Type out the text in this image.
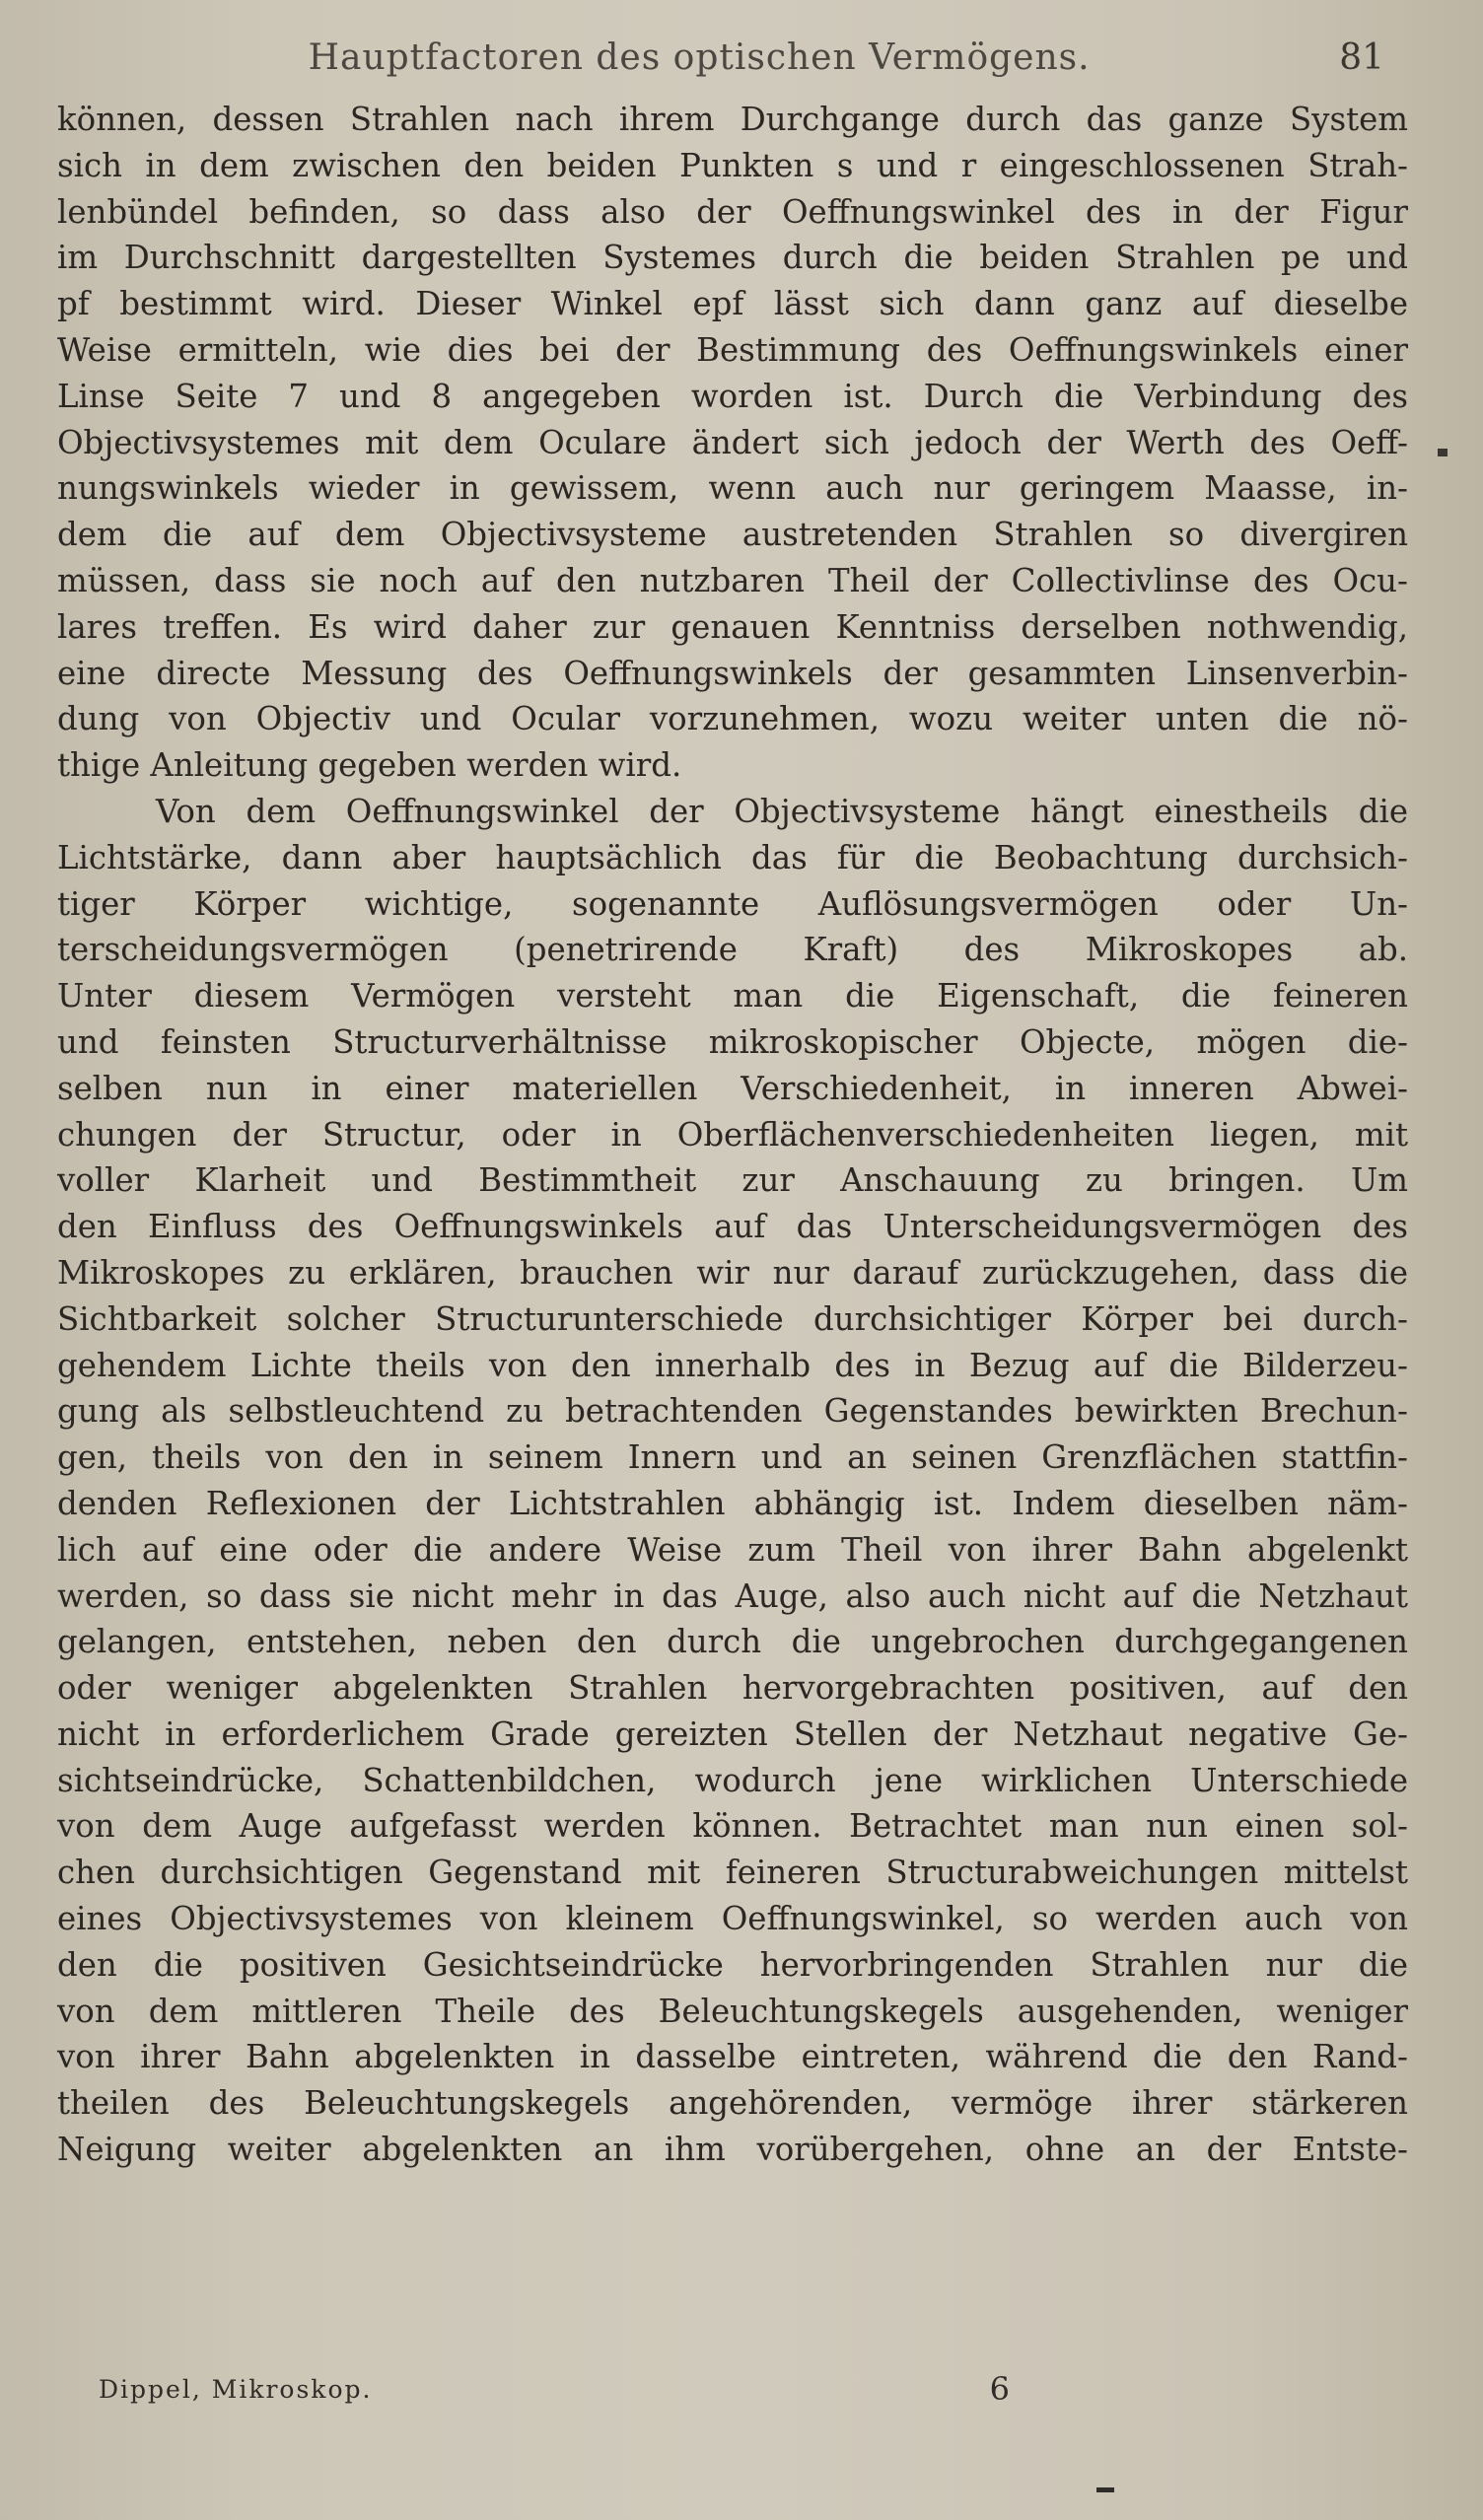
Hauptfactoren des optischen Vermögens.	81

können, dessen Strahlen nach ihrem Durchgange durch das ganze System
sich in dem zwischen den beiden Punkten s und r eingeschlossenen Strah-
lenbündel befinden, so dass also der Oeffnungswinkel des in der Figur
im Durchschnitt dargestellten Systemes durch die beiden Strahlen pe und
pf bestimmt wird. Dieser Winkel epf lässt sich dann ganz auf dieselbe
Weise ermitteln, wie dies bei der Bestimmung des Oeffnungswinkels einer
Linse Seite 7 und 8 angegeben worden ist. Durch die Verbindung des
Objectivsystemes mit dem Oculare ändert sich jedoch der Werth des Oeff-
nungswinkels wieder in gewissem, wenn auch nur geringem Maasse, in-
dem die auf dem Objectivsysteme austretenden Strahlen so divergiren
müssen, dass sie noch auf den nutzbaren Theil der Collectivlinse des Ocu-
lares treffen. Es wird daher zur genauen Kenntniss derselben nothwendig,
eine directe Messung des Oeffnungswinkels der gesammten Linsenverbin-
dung von Objectiv und Ocular vorzunehmen, wozu weiter unten die nö-
thige Anleitung gegeben werden wird.

Von dem Oeffnungswinkel der Objectivsysteme hängt einestheils die
Lichtstärke, dann aber hauptsächlich das für die Beobachtung durchsich-
tiger Körper wichtige, sogenannte Auflösungsvermögen oder Un-
terscheidungsvermögen (penetrirende Kraft) des Mikroskopes ab.
Unter diesem Vermögen versteht man die Eigenschaft, die feineren
und feinsten Structurverhältnisse mikroskopischer Objecte, mögen die-
selben nun in einer materiellen Verschiedenheit, in inneren Abwei-
chungen der Structur, oder in Oberflächenverschiedenheiten liegen, mit
voller Klarheit und Bestimmtheit zur Anschauung zu bringen. Um
den Einfluss des Oeffnungswinkels auf das Unterscheidungsvermögen des
Mikroskopes zu erklären, brauchen wir nur darauf zurückzugehen, dass die
Sichtbarkeit solcher Structurunterschiede durchsichtiger Körper bei durch-
gehendem Lichte theils von den innerhalb des in Bezug auf die Bilderzeu-
gung als selbstleuchtend zu betrachtenden Gegenstandes bewirkten Brechun-
gen, theils von den in seinem Innern und an seinen Grenzflächen stattfin-
denden Reflexionen der Lichtstrahlen abhängig ist. Indem dieselben näm-
lich auf eine oder die andere Weise zum Theil von ihrer Bahn abgelenkt
werden, so dass sie nicht mehr in das Auge, also auch nicht auf die Netzhaut
gelangen, entstehen, neben den durch die ungebrochen durchgegangenen
oder weniger abgelenkten Strahlen hervorgebrachten positiven, auf den
nicht in erforderlichem Grade gereizten Stellen der Netzhaut negative Ge-
sichtseindrücke, Schattenbildchen, wodurch jene wirklichen Unterschiede
von dem Auge aufgefasst werden können. Betrachtet man nun einen sol-
chen durchsichtigen Gegenstand mit feineren Structurabweichungen mittelst
eines Objectivsystemes von kleinem Oeffnungswinkel, so werden auch von
den die positiven Gesichtseindrücke hervorbringenden Strahlen nur die
von dem mittleren Theile des Beleuchtungskegels ausgehenden, weniger
von ihrer Bahn abgelenkten in dasselbe eintreten, während die den Rand-
theilen des Beleuchtungskegels angehörenden, vermöge ihrer stärkeren
Neigung weiter abgelenkten an ihm vorübergehen, ohne an der Entste-

Dippel, Mikroskop.	6
